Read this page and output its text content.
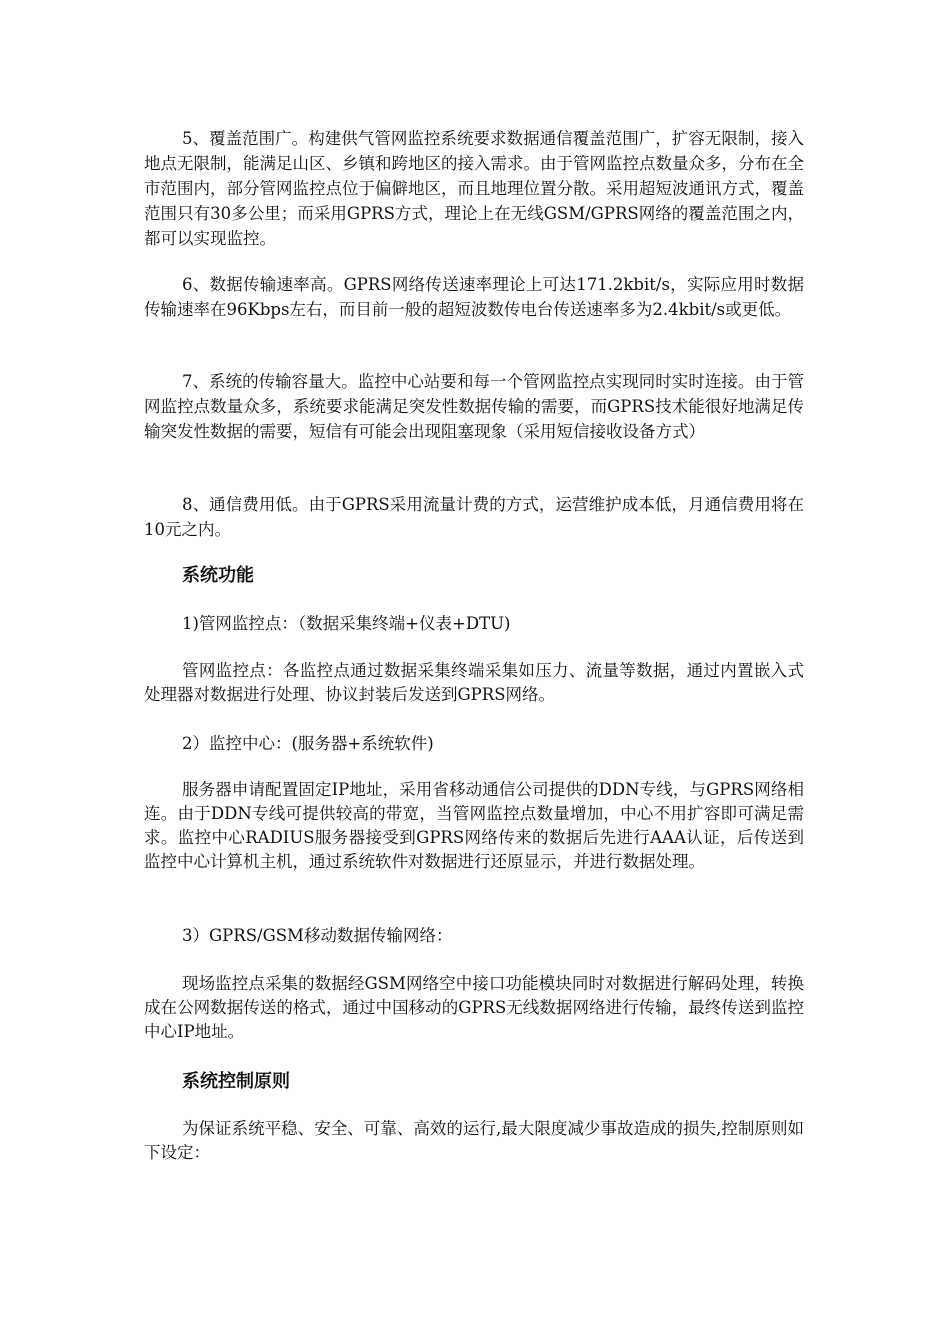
5、覆盖范围广。构建供气管网监控系统要求数据通信覆盖范围广，扩容无限制，接入地点无限制，能满足山区、乡镇和跨地区的接入需求。由于管网监控点数量众多，分布在全市范围内，部分管网监控点位于偏僻地区，而且地理位置分散。采用超短波通讯方式，覆盖范围只有30多公里；而采用GPRS方式，理论上在无线GSM/GPRS网络的覆盖范围之内，都可以实现监控。

6、数据传输速率高。GPRS网络传送速率理论上可达171.2kbit/s，实际应用时数据传输速率在96Kbps左右，而目前一般的超短波数传电台传送速率多为2.4kbit/s或更低。

7、系统的传输容量大。监控中心站要和每一个管网监控点实现同时实时连接。由于管网监控点数量众多，系统要求能满足突发性数据传输的需要，而GPRS技术能很好地满足传输突发性数据的需要，短信有可能会出现阻塞现象（采用短信接收设备方式）

8、通信费用低。由于GPRS采用流量计费的方式，运营维护成本低，月通信费用将在10元之内。

系统功能

1)管网监控点：（数据采集终端+仪表+DTU)

管网监控点：各监控点通过数据采集终端采集如压力、流量等数据，通过内置嵌入式处理器对数据进行处理、协议封装后发送到GPRS网络。

2）监控中心：(服务器+系统软件)

服务器申请配置固定IP地址，采用省移动通信公司提供的DDN专线，与GPRS网络相连。由于DDN专线可提供较高的带宽，当管网监控点数量增加，中心不用扩容即可满足需求。监控中心RADIUS服务器接受到GPRS网络传来的数据后先进行AAA认证，后传送到监控中心计算机主机，通过系统软件对数据进行还原显示，并进行数据处理。

3）GPRS/GSM移动数据传输网络：

现场监控点采集的数据经GSM网络空中接口功能模块同时对数据进行解码处理，转换成在公网数据传送的格式，通过中国移动的GPRS无线数据网络进行传输，最终传送到监控中心IP地址。

系统控制原则

为保证系统平稳、安全、可靠、高效的运行,最大限度减少事故造成的损失,控制原则如下设定：
